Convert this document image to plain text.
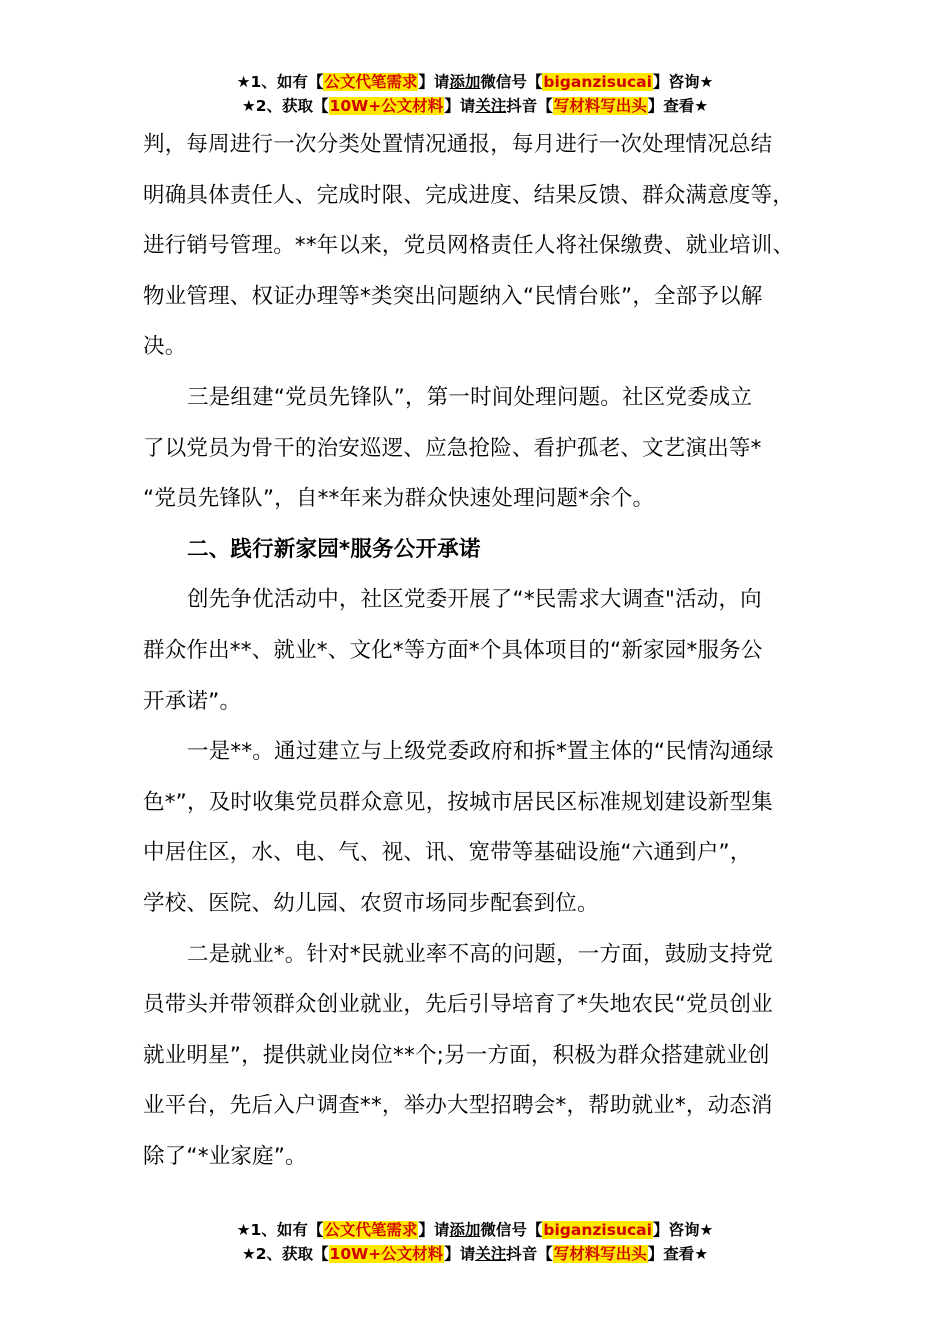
★1、如有【公文代笔需求】请添加微信号【biganzisucai】咨询★
★2、获取【10W+公文材料】请关注抖音【写材料写出头】查看★

判，每周进行一次分类处置情况通报，每月进行一次处理情况总结

明确具体责任人、完成时限、完成进度、结果反馈、群众满意度等，

进行销号管理。**年以来，党员网格责任人将社保缴费、就业培训、

物业管理、权证办理等*类突出问题纳入“民情台账”，全部予以解

决。

三是组建“党员先锋队”，第一时间处理问题。社区党委成立

了以党员为骨干的治安巡逻、应急抢险、看护孤老、文艺演出等*

“党员先锋队”，自**年来为群众快速处理问题*余个。

二、践行新家园*服务公开承诺

创先争优活动中，社区党委开展了“*民需求大调查"活动，向

群众作出**、就业*、文化*等方面*个具体项目的“新家园*服务公

开承诺”。

一是**。通过建立与上级党委政府和拆*置主体的“民情沟通绿

色*”，及时收集党员群众意见，按城市居民区标准规划建设新型集

中居住区，水、电、气、视、讯、宽带等基础设施“六通到户”，

学校、医院、幼儿园、农贸市场同步配套到位。

二是就业*。针对*民就业率不高的问题，一方面，鼓励支持党

员带头并带领群众创业就业，先后引导培育了*失地农民“党员创业

就业明星”，提供就业岗位**个;另一方面，积极为群众搭建就业创

业平台，先后入户调查**，举办大型招聘会*，帮助就业*，动态消

除了“*业家庭”。

★1、如有【公文代笔需求】请添加微信号【biganzisucai】咨询★
★2、获取【10W+公文材料】请关注抖音【写材料写出头】查看★
